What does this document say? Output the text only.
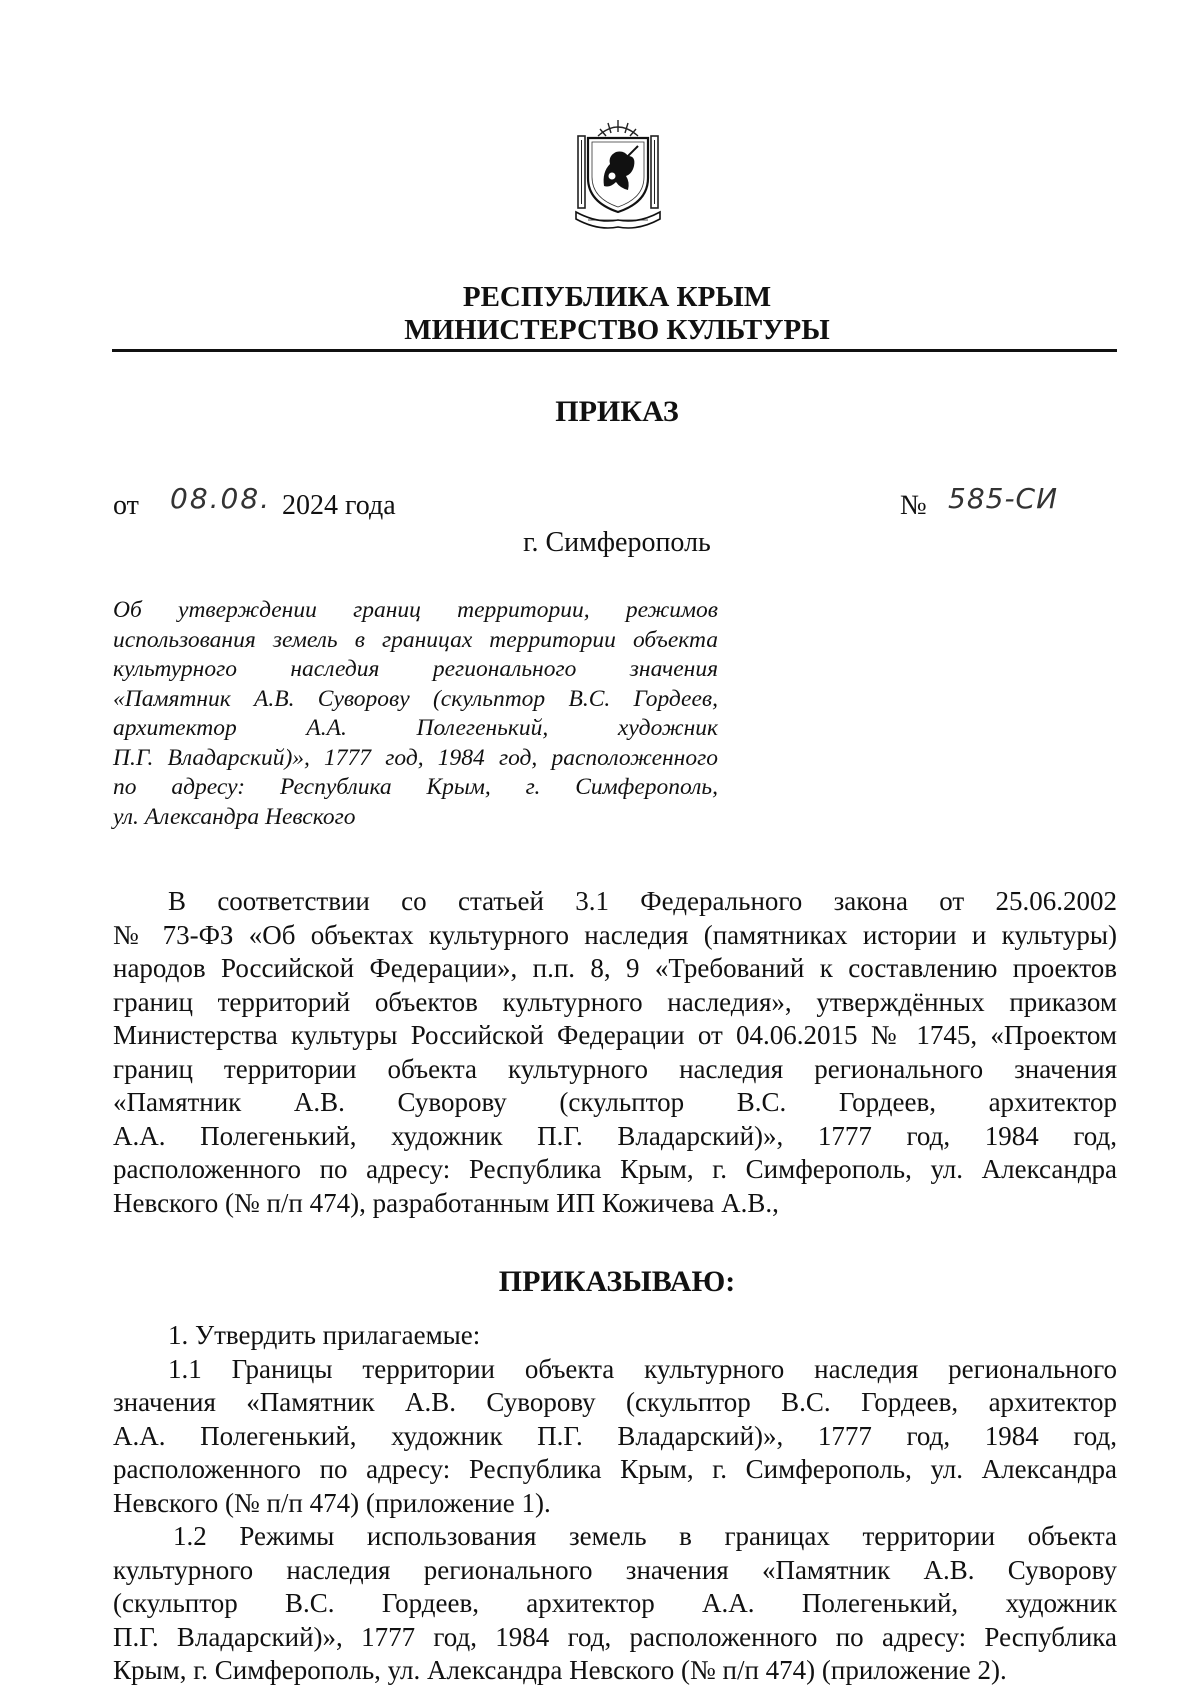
РЕСПУБЛИКА КРЫМ
МИНИСТЕРСТВО КУЛЬТУРЫ
ПРИКАЗ
от 08.08. 2024 года	№ 585-СИ
г. Симферополь
Об утверждении границ территории, режимов
использования земель в границах территории объекта
культурного наследия регионального значения
«Памятник А.В. Суворову (скульптор В.С. Гордеев,
архитектор А.А. Полегенький, художник
П.Г. Владарский)», 1777 год, 1984 год, расположенного
по адресу: Республика Крым, г. Симферополь,
ул. Александра Невского
В соответствии со статьей 3.1 Федерального закона от 25.06.2002
№ 73-ФЗ «Об объектах культурного наследия (памятниках истории и культуры)
народов Российской Федерации», п.п. 8, 9 «Требований к составлению проектов
границ территорий объектов культурного наследия», утверждённых приказом
Министерства культуры Российской Федерации от 04.06.2015 № 1745, «Проектом
границ территории объекта культурного наследия регионального значения
«Памятник А.В. Суворову (скульптор В.С. Гордеев, архитектор
А.А. Полегенький, художник П.Г. Владарский)», 1777 год, 1984 год,
расположенного по адресу: Республика Крым, г. Симферополь, ул. Александра
Невского (№ п/п 474), разработанным ИП Кожичева А.В.,
ПРИКАЗЫВАЮ:
1. Утвердить прилагаемые:
1.1 Границы территории объекта культурного наследия регионального
значения «Памятник А.В. Суворову (скульптор В.С. Гордеев, архитектор
А.А. Полегенький, художник П.Г. Владарский)», 1777 год, 1984 год,
расположенного по адресу: Республика Крым, г. Симферополь, ул. Александра
Невского (№ п/п 474) (приложение 1).
1.2 Режимы использования земель в границах территории объекта
культурного наследия регионального значения «Памятник А.В. Суворову
(скульптор В.С. Гордеев, архитектор А.А. Полегенький, художник
П.Г. Владарский)», 1777 год, 1984 год, расположенного по адресу: Республика
Крым, г. Симферополь, ул. Александра Невского (№ п/п 474) (приложение 2).
